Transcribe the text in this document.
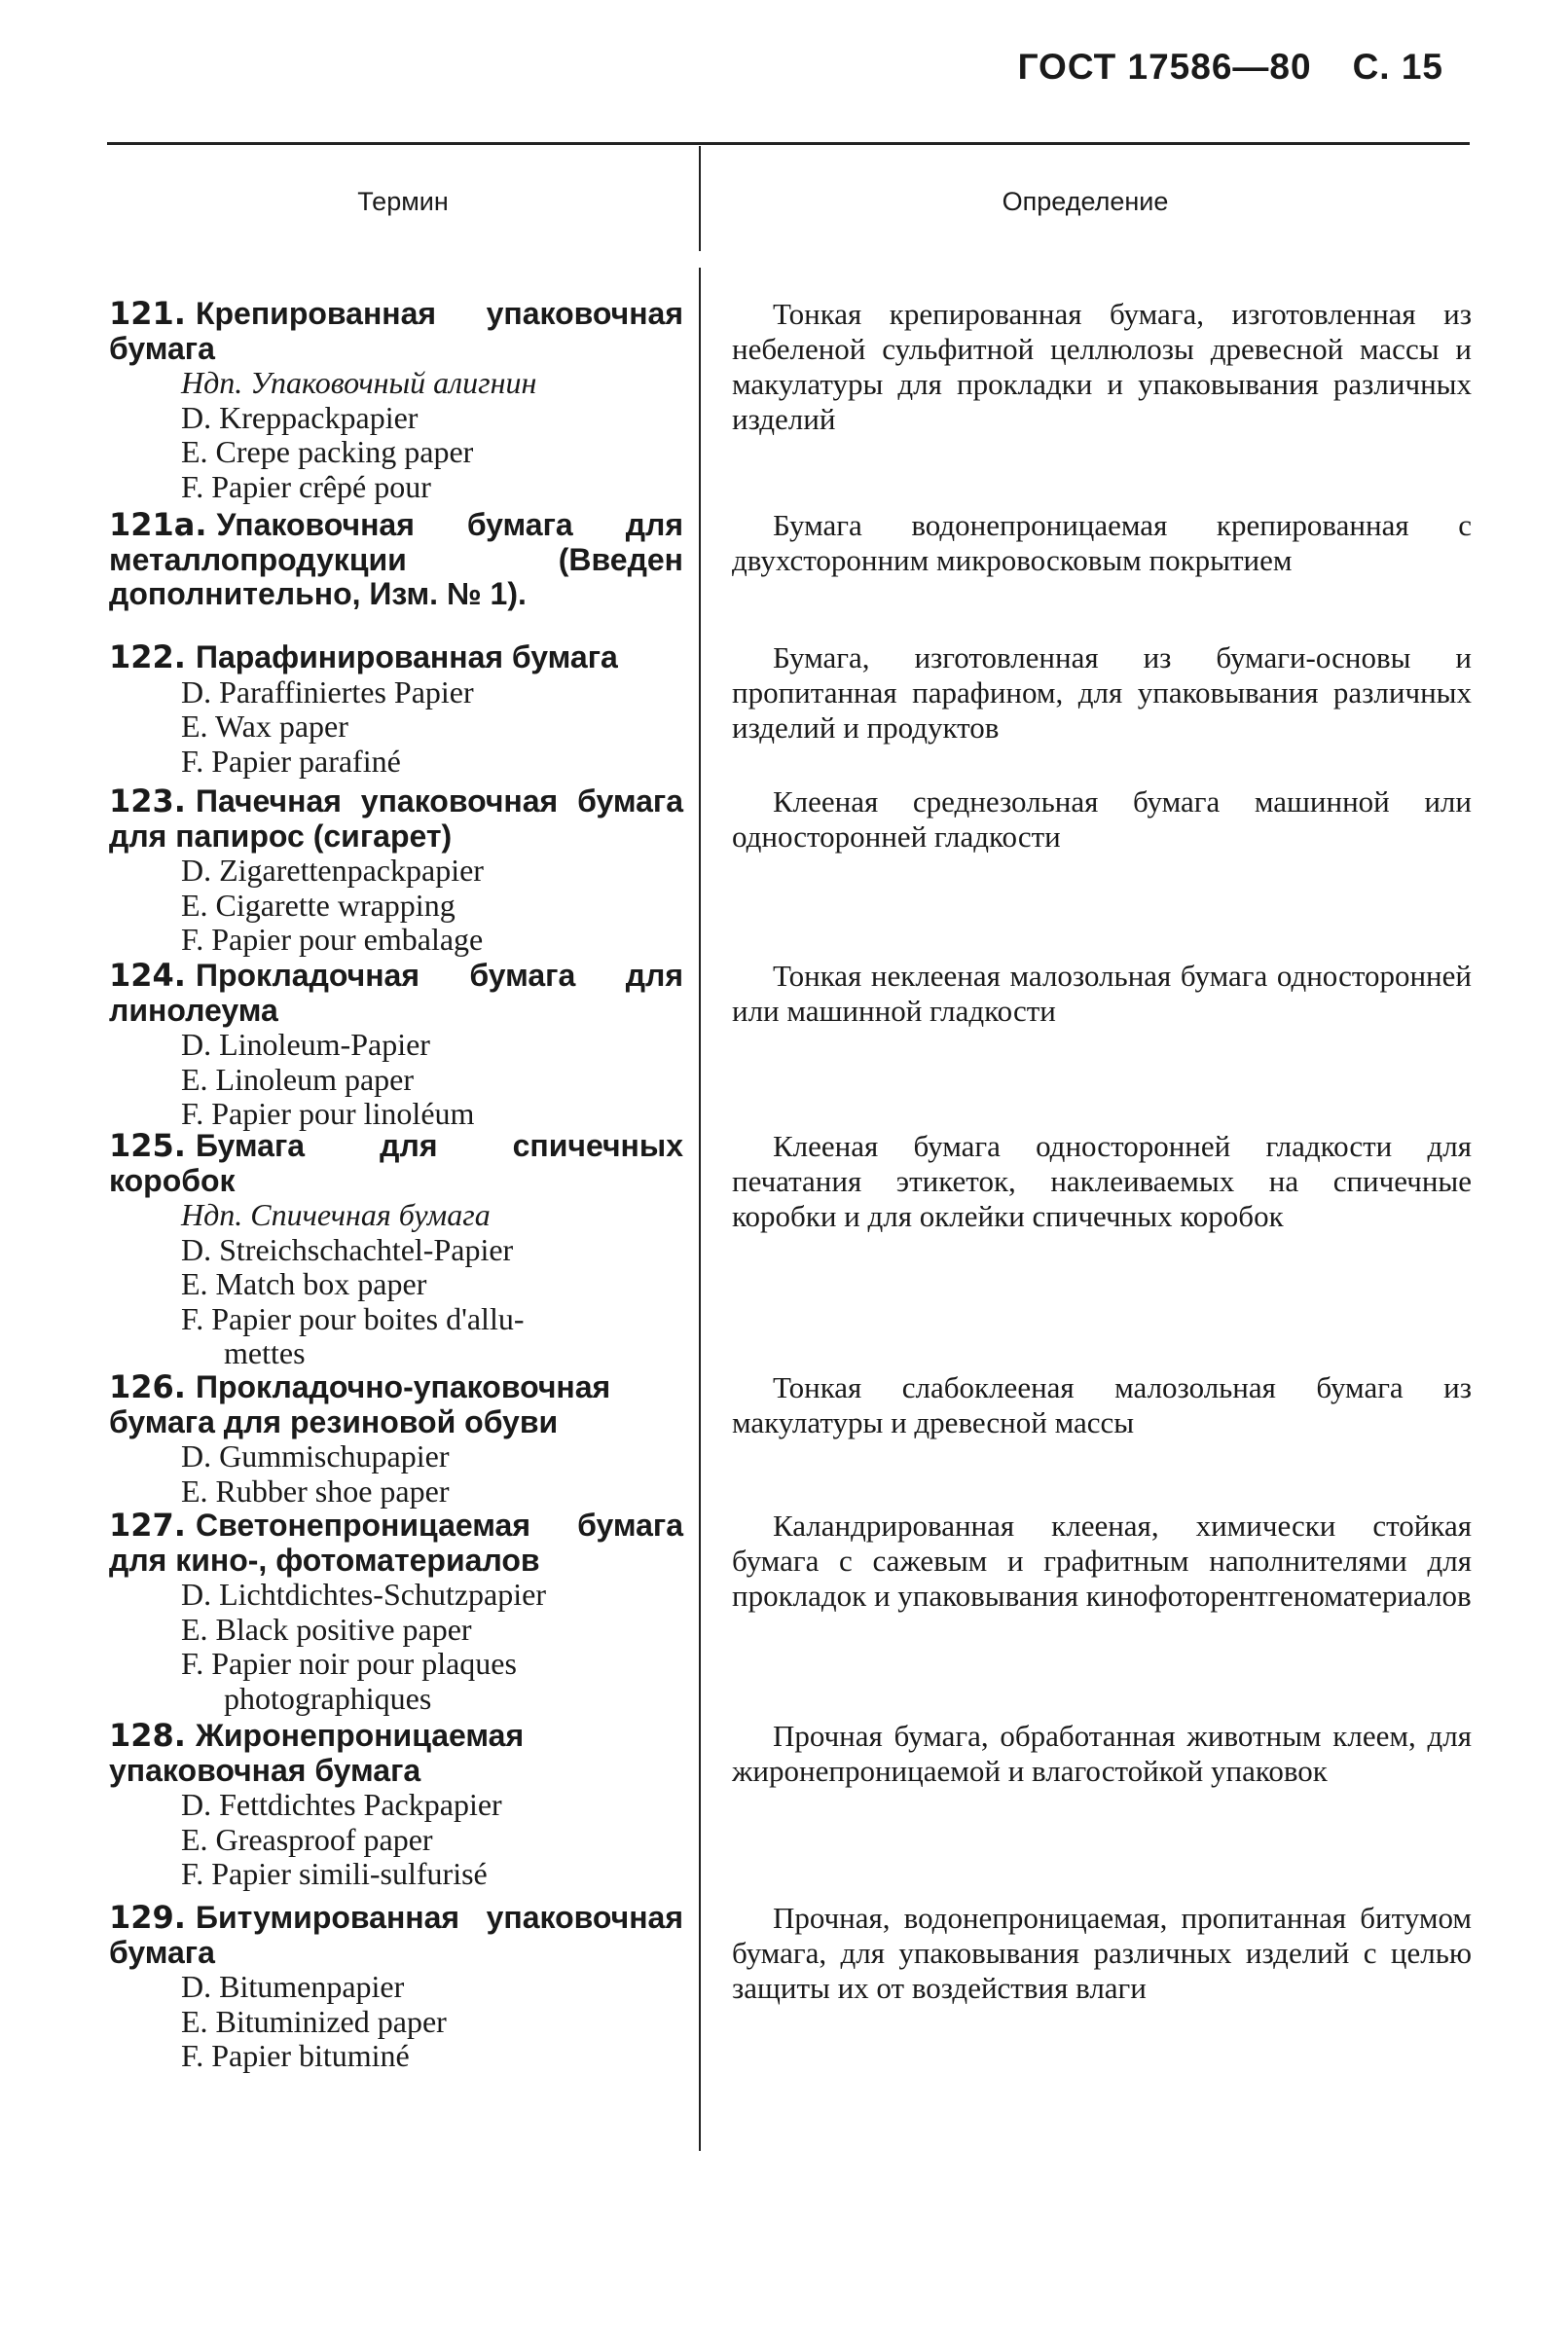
ГОСТ 17586—80 С. 15
Термин	Определение
121. Крепированная упаковочная бумага
Ндп. Упаковочный алигнин
D. Kreppackpapier
E. Crepe packing paper
F. Papier crêpé pour
Тонкая крепированная бумага, изготовленная из небеленой сульфитной целлюлозы древесной массы и макулатуры для прокладки и упаковывания различных изделий
121а. Упаковочная бумага для металлопродукции (Введен дополнительно, Изм. № 1).
Бумага водонепроницаемая крепированная с двухсторонним микровосковым покрытием
122. Парафинированная бумага
D. Paraffiniertes Papier
E. Wax paper
F. Papier parafiné
Бумага, изготовленная из бумаги-основы и пропитанная парафином, для упаковывания различных изделий и продуктов
123. Пачечная упаковочная бумага для папирос (сигарет)
D. Zigarettenpackpapier
E. Cigarette wrapping
F. Papier pour embalage
Клееная среднезольная бумага машинной или односторонней гладкости
124. Прокладочная бумага для линолеума
D. Linoleum-Papier
E. Linoleum paper
F. Papier pour linoléum
Тонкая неклееная малозольная бумага односторонней или машинной гладкости
125. Бумага для спичечных коробок
Ндп. Спичечная бумага
D. Streichschachtel-Papier
E. Match box paper
F. Papier pour boites d'allu-
mettes
Клееная бумага односторонней гладкости для печатания этикеток, наклеиваемых на спичечные коробки и для оклейки спичечных коробок
126. Прокладочно-упаковочная бумага для резиновой обуви
D. Gummischupapier
E. Rubber shoe paper
Тонкая слабоклееная малозольная бумага из макулатуры и древесной массы
127. Светонепроницаемая бумага для кино-, фотоматериалов
D. Lichtdichtes-Schutzpapier
E. Black positive paper
F. Papier noir pour plaques
photographiques
Каландрированная клееная, химически стойкая бумага с сажевым и графитным наполнителями для прокладок и упаковывания кинофоторентгеноматериалов
128. Жиронепроницаемая упаковочная бумага
D. Fettdichtes Packpapier
E. Greasproof paper
F. Papier simili-sulfurisé
Прочная бумага, обработанная животным клеем, для жиронепроницаемой и влагостойкой упаковок
129. Битумированная упаковочная бумага
D. Bitumenpapier
E. Bituminized paper
F. Papier bituminé
Прочная, водонепроницаемая, пропитанная битумом бумага, для упаковывания различных изделий с целью защиты их от воздействия влаги
